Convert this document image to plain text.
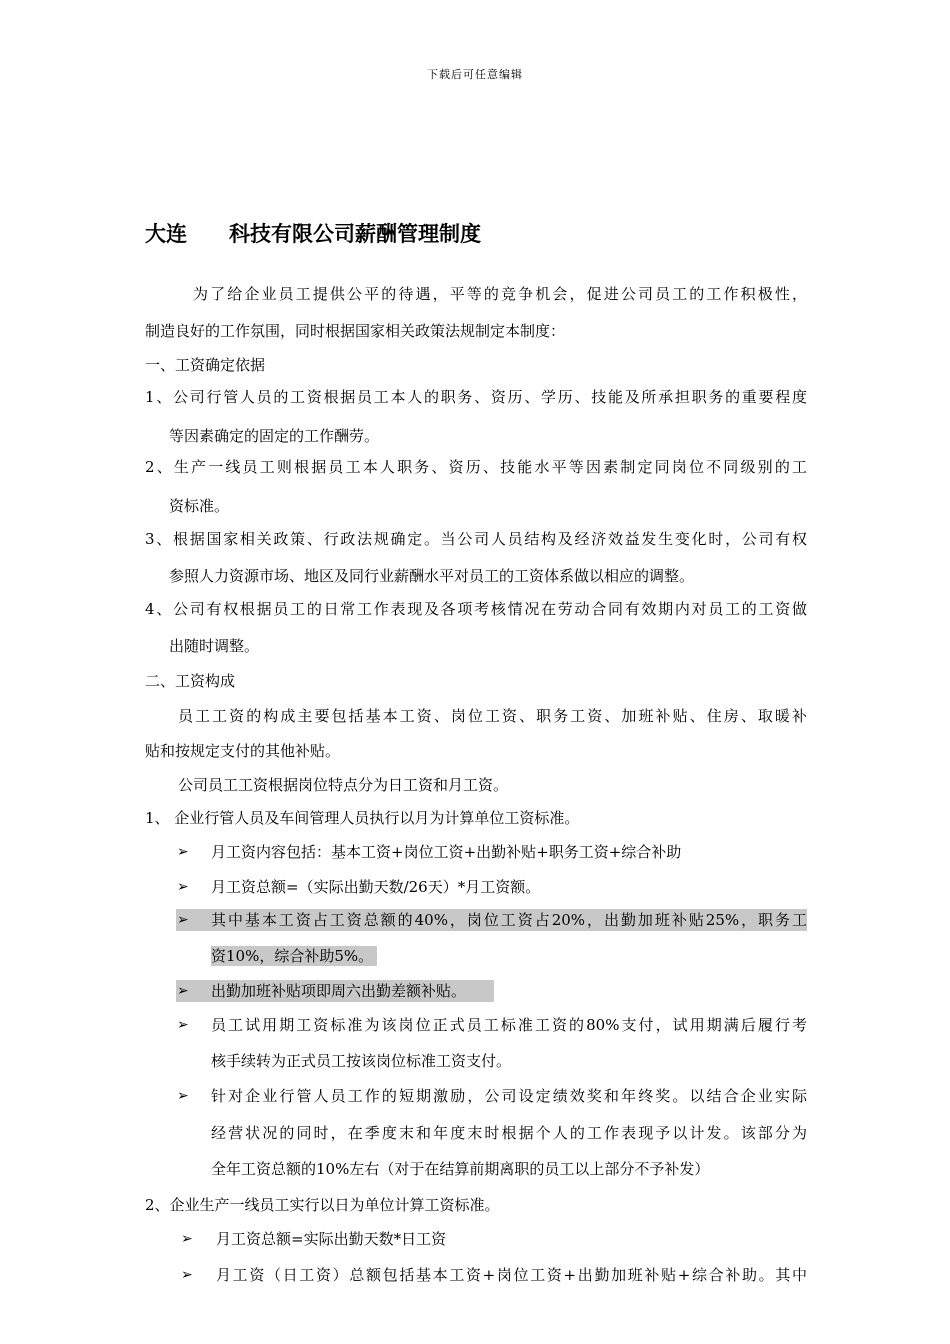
下载后可任意编辑
大连　　科技有限公司薪酬管理制度
为了给企业员工提供公平的待遇，平等的竞争机会，促进公司员工的工作积极性，
制造良好的工作氛围，同时根据国家相关政策法规制定本制度：
一、工资确定依据
1、公司行管人员的工资根据员工本人的职务、资历、学历、技能及所承担职务的重要程度
等因素确定的固定的工作酬劳。
2、生产一线员工则根据员工本人职务、资历、技能水平等因素制定同岗位不同级别的工
资标准。
3、根据国家相关政策、行政法规确定。当公司人员结构及经济效益发生变化时，公司有权
参照人力资源市场、地区及同行业薪酬水平对员工的工资体系做以相应的调整。
4、公司有权根据员工的日常工作表现及各项考核情况在劳动合同有效期内对员工的工资做
出随时调整。
二、工资构成
员工工资的构成主要包括基本工资、岗位工资、职务工资、加班补贴、住房、取暖补
贴和按规定支付的其他补贴。
公司员工工资根据岗位特点分为日工资和月工资。
1、 企业行管人员及车间管理人员执行以月为计算单位工资标准。
➢ 月工资内容包括：基本工资+岗位工资+出勤补贴+职务工资+综合补助
➢ 月工资总额=（实际出勤天数/26天）*月工资额。
➢ 其中基本工资占工资总额的40%，岗位工资占20%，出勤加班补贴25%，职务工
资10%，综合补助5%。
➢ 出勤加班补贴项即周六出勤差额补贴。
➢ 员工试用期工资标准为该岗位正式员工标准工资的80%支付，试用期满后履行考
核手续转为正式员工按该岗位标准工资支付。
➢ 针对企业行管人员工作的短期激励，公司设定绩效奖和年终奖。以结合企业实际
经营状况的同时，在季度末和年度末时根据个人的工作表现予以计发。该部分为
全年工资总额的10%左右（对于在结算前期离职的员工以上部分不予补发）
2、企业生产一线员工实行以日为单位计算工资标准。
➢ 月工资总额=实际出勤天数*日工资
➢ 月工资（日工资）总额包括基本工资+岗位工资+出勤加班补贴+综合补助。其中
